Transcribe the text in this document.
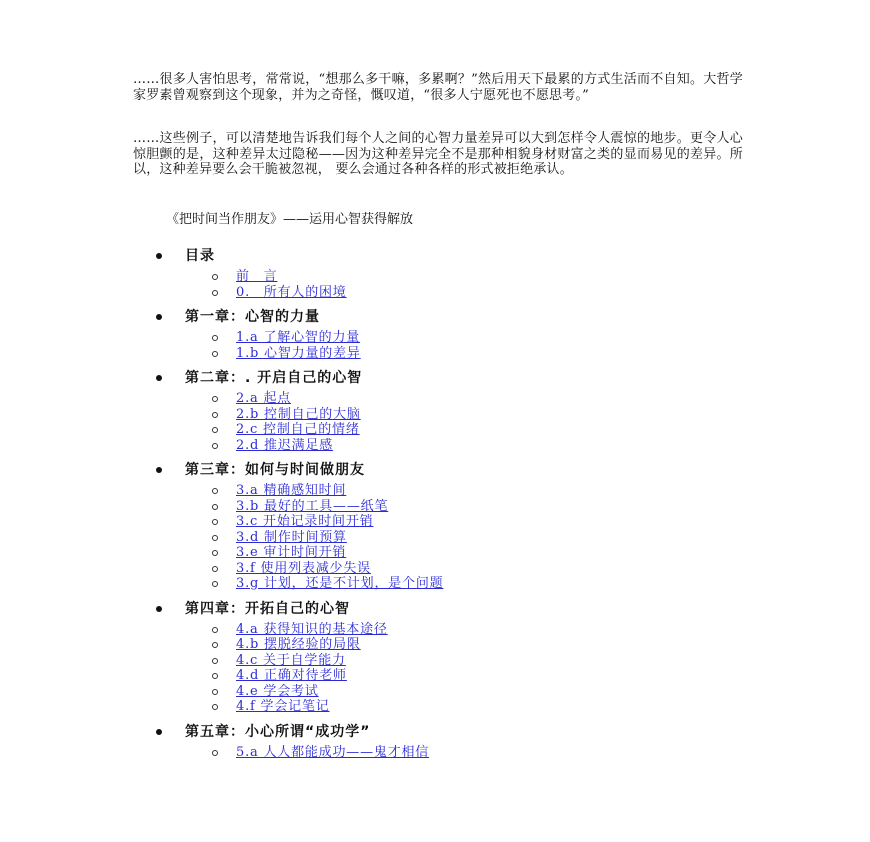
……很多人害怕思考，常常说，“想那么多干嘛，多累啊？”然后用天下最累的方式生活而不自知。大哲学家罗素曾观察到这个现象，并为之奇怪，慨叹道，“很多人宁愿死也不愿思考。”

……这些例子，可以清楚地告诉我们每个人之间的心智力量差异可以大到怎样令人震惊的地步。更令人心惊胆颤的是，这种差异太过隐秘——因为这种差异完全不是那种相貌身材财富之类的显而易见的差异。所以，这种差异要么会干脆被忽视， 要么会通过各种各样的形式被拒绝承认。

《把时间当作朋友》——运用心智获得解放

目录
前　言
0.　所有人的困境
第一章：心智的力量
1.a 了解心智的力量
1.b 心智力量的差异
第二章：. 开启自己的心智
2.a 起点
2.b 控制自己的大脑
2.c 控制自己的情绪
2.d 推迟满足感
第三章：如何与时间做朋友
3.a 精确感知时间
3.b 最好的工具——纸笔
3.c 开始记录时间开销
3.d 制作时间预算
3.e 审计时间开销
3.f 使用列表减少失误
3.g 计划，还是不计划，是个问题
第四章：开拓自己的心智
4.a 获得知识的基本途径
4.b 摆脱经验的局限
4.c 关于自学能力
4.d 正确对待老师
4.e 学会考试
4.f 学会记笔记
第五章：小心所谓“成功学”
5.a 人人都能成功——鬼才相信
